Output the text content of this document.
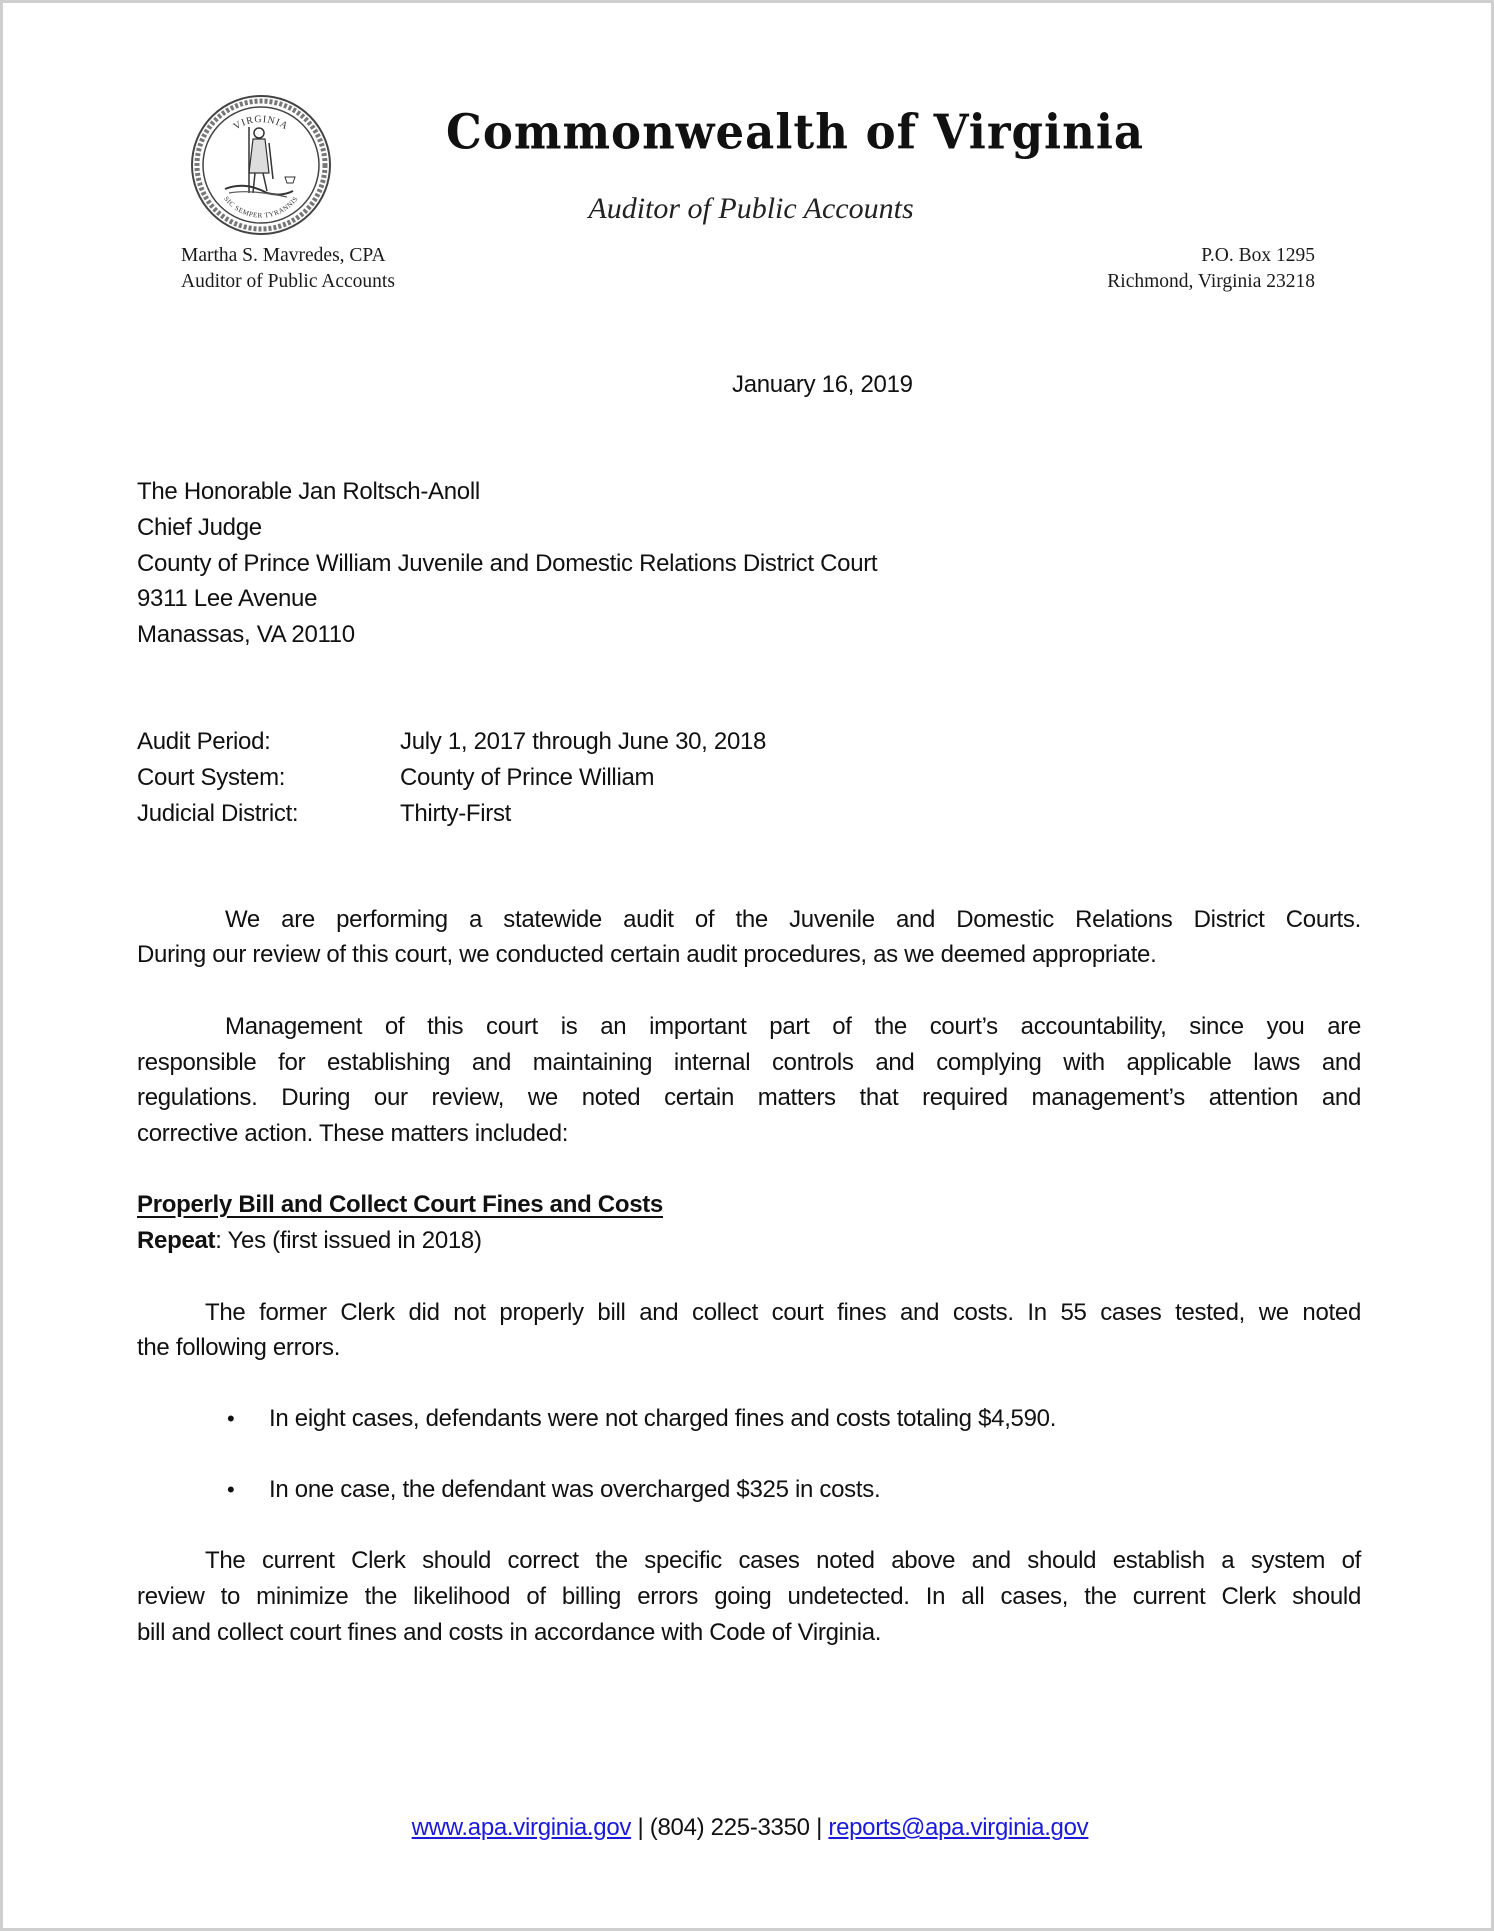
VIRGINIA
SIC SEMPER TYRANNIS
Commonwealth of Virginia
Auditor of Public Accounts
Martha S. Mavredes, CPA
Auditor of Public Accounts
P.O. Box 1295
Richmond, Virginia 23218
January 16, 2019
The Honorable Jan Roltsch-Anoll
Chief Judge
County of Prince William Juvenile and Domestic Relations District Court
9311 Lee Avenue
Manassas, VA 20110
Audit Period:	July 1, 2017 through June 30, 2018
Court System:	County of Prince William
Judicial District:	Thirty-First
We are performing a statewide audit of the Juvenile and Domestic Relations District Courts.
During our review of this court, we conducted certain audit procedures, as we deemed appropriate.
Management of this court is an important part of the court’s accountability, since you are
responsible for establishing and maintaining internal controls and complying with applicable laws and
regulations. During our review, we noted certain matters that required management’s attention and
corrective action. These matters included:
Properly Bill and Collect Court Fines and Costs
Repeat: Yes (first issued in 2018)
The former Clerk did not properly bill and collect court fines and costs. In 55 cases tested, we noted
the following errors.
• In eight cases, defendants were not charged fines and costs totaling $4,590.
• In one case, the defendant was overcharged $325 in costs.
The current Clerk should correct the specific cases noted above and should establish a system of
review to minimize the likelihood of billing errors going undetected. In all cases, the current Clerk should
bill and collect court fines and costs in accordance with Code of Virginia.
www.apa.virginia.gov | (804) 225-3350 | reports@apa.virginia.gov
